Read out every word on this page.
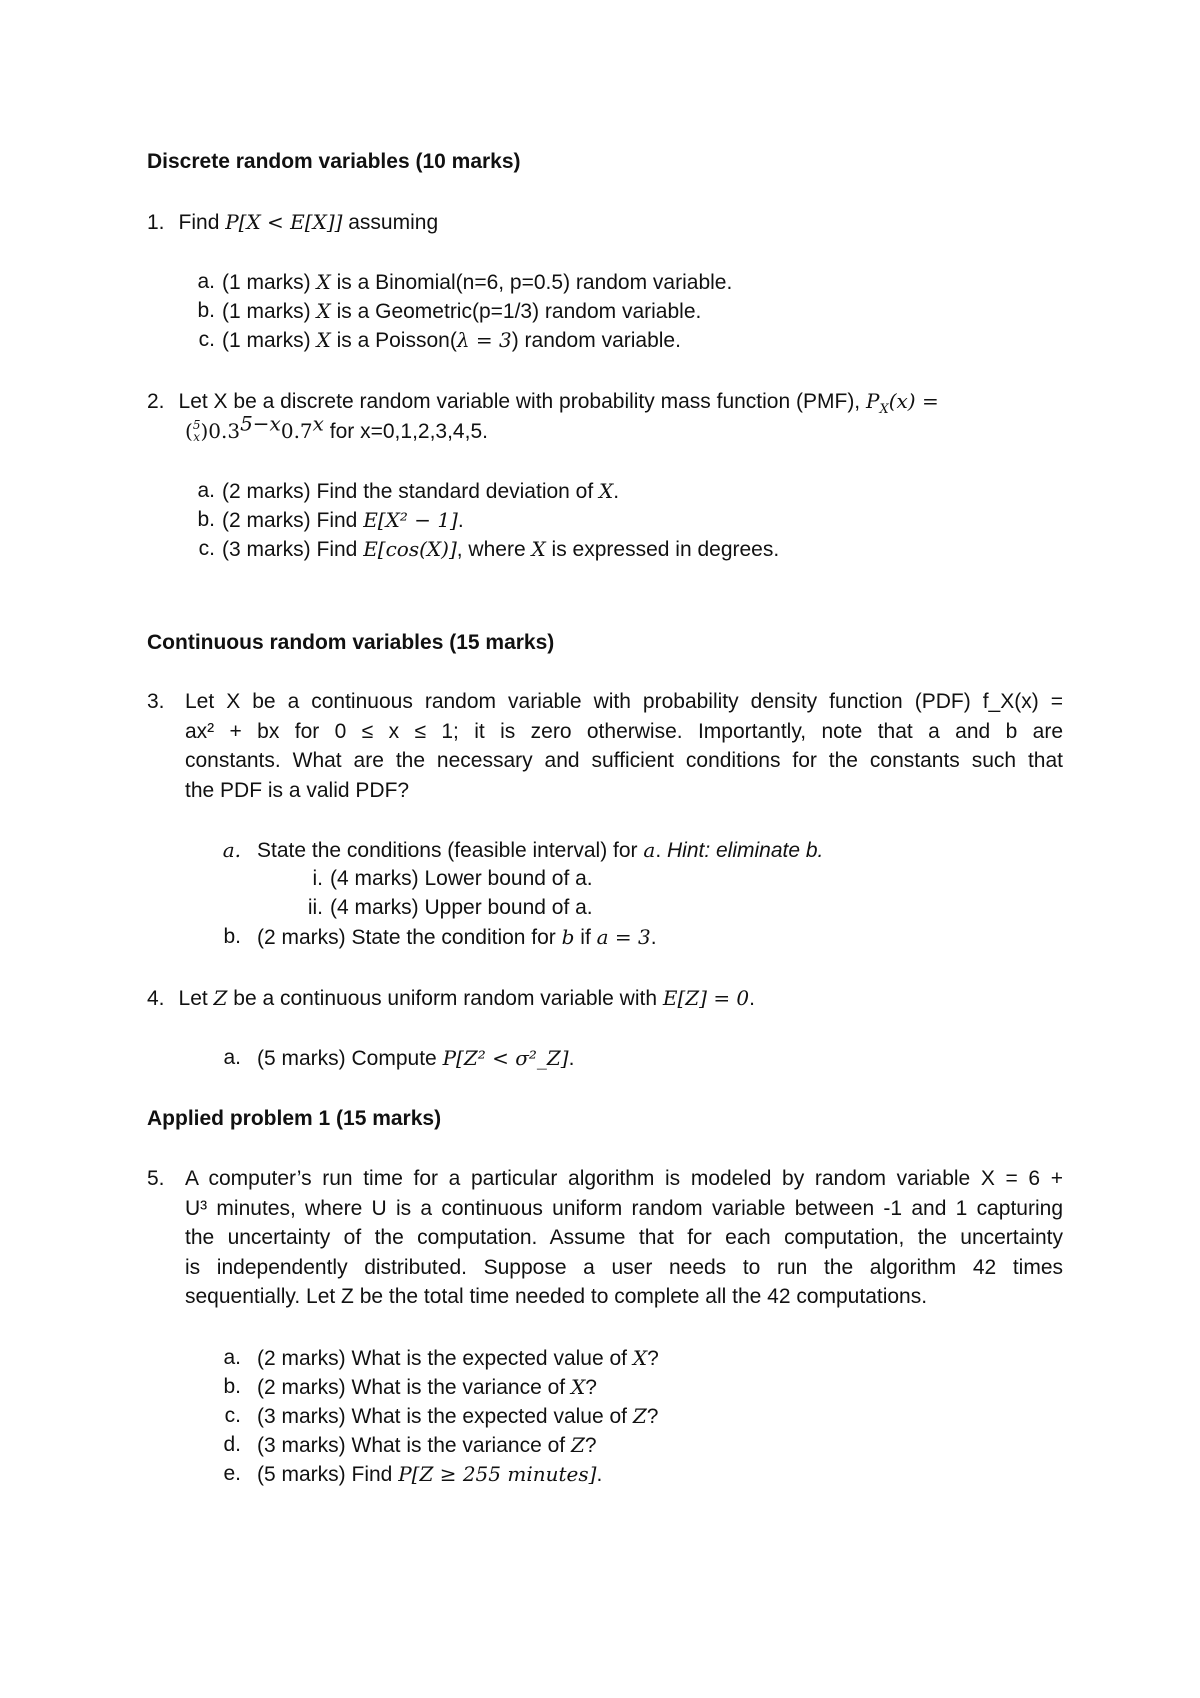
Discrete random variables (10 marks)
1. Find P[X < E[X]] assuming
a. (1 marks) X is a Binomial(n=6, p=0.5) random variable.
b. (1 marks) X is a Geometric(p=1/3) random variable.
c. (1 marks) X is a Poisson(λ = 3) random variable.
2. Let X be a discrete random variable with probability mass function (PMF), $P_X(x)$ =
( 5
x )$0.3^{5-x}0.7^x$ for x=0,1,2,3,4,5.
a. (2 marks) Find the standard deviation of X.
b. (2 marks) Find E[X² − 1].
c. (3 marks) Find E[cos(X)], where X is expressed in degrees.
Continuous random variables (15 marks)
3. Let X be a continuous random variable with probability density function (PDF) f_X(x) =
ax² + bx for 0 ≤ x ≤ 1; it is zero otherwise. Importantly, note that a and b are
constants. What are the necessary and sufficient conditions for the constants such that
the PDF is a valid PDF?
a. State the conditions (feasible interval) for a. Hint: eliminate b.
i. (4 marks) Lower bound of a.
ii. (4 marks) Upper bound of a.
b. (2 marks) State the condition for b if a = 3.
4. Let Z be a continuous uniform random variable with E[Z] = 0.
a. (5 marks) Compute P[Z² < σ²_Z].
Applied problem 1 (15 marks)
5. A computer’s run time for a particular algorithm is modeled by random variable X = 6 +
U³ minutes, where U is a continuous uniform random variable between -1 and 1 capturing
the uncertainty of the computation. Assume that for each computation, the uncertainty
is independently distributed. Suppose a user needs to run the algorithm 42 times
sequentially. Let Z be the total time needed to complete all the 42 computations.
a. (2 marks) What is the expected value of X?
b. (2 marks) What is the variance of X?
c. (3 marks) What is the expected value of Z?
d. (3 marks) What is the variance of Z?
e. (5 marks) Find P[Z ≥ 255 minutes].
